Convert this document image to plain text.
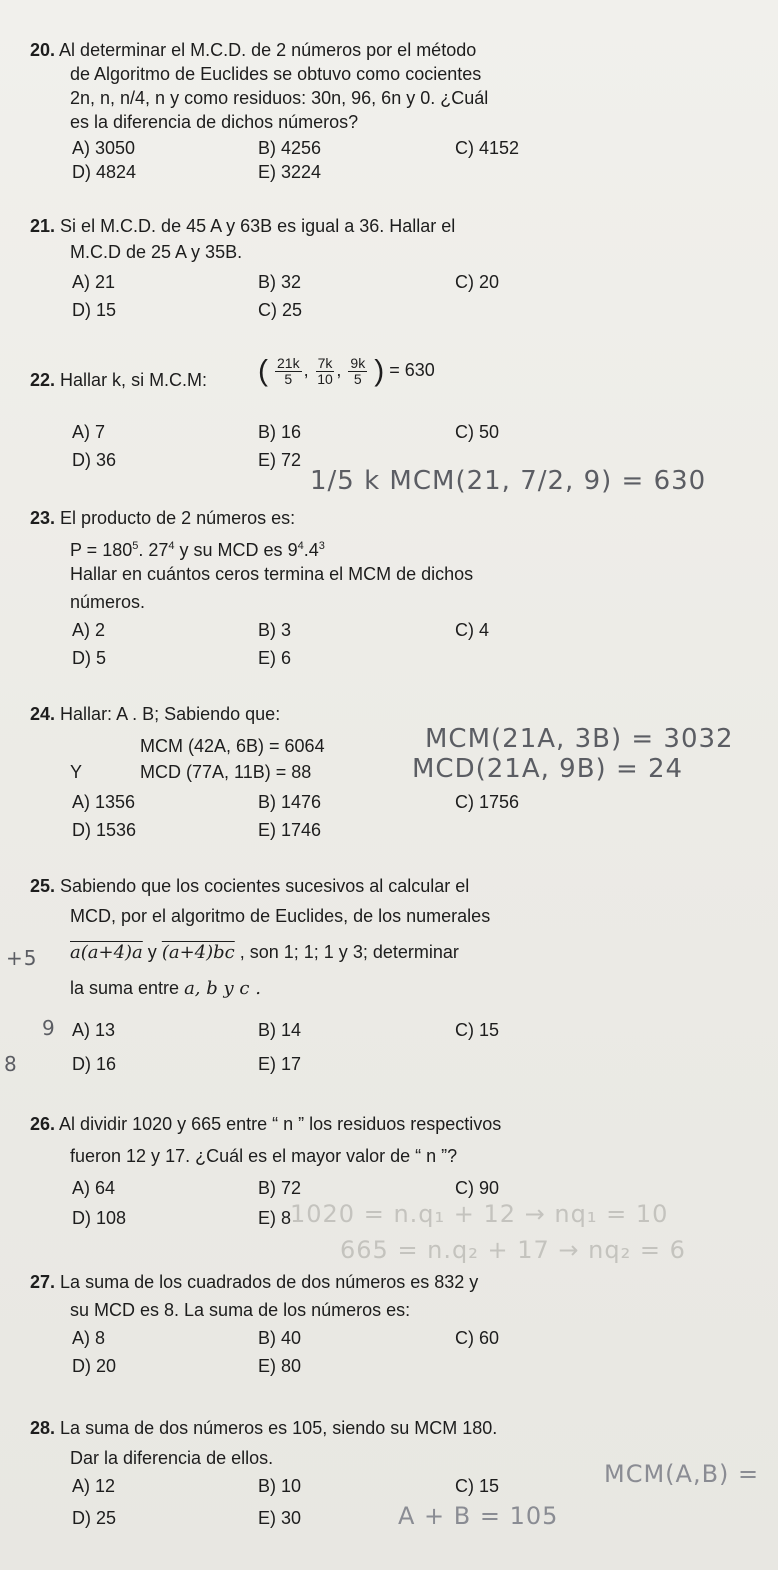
20. Al determinar el M.C.D. de 2 números por el método
de Algoritmo de Euclides se obtuvo como cocientes
2n, n, n/4, n y como residuos: 30n, 96, 6n y 0. ¿Cuál
es la diferencia de dichos números?
A) 3050	B) 4256	C) 4152
D) 4824	E) 3224
21. Si el M.C.D. de 45 A y 63B es igual a 36. Hallar el
M.C.D de 25 A y 35B.
A) 21	B) 32	C) 20
D) 15	C) 25
22. Hallar k, si M.C.M: ( $\frac{21k}{5}$ , $\frac{7k}{10}$ , $\frac{9k}{5}$ ) = 630
A) 7	B) 16	C) 50
D) 36	E) 72
1/5 k MCM(21, 7/2, 9) = 630
23. El producto de 2 números es:
$P = 180^5$. $27^4$ y su MCD es $9^4.4^3$
Hallar en cuántos ceros termina el MCM de dichos
números.
A) 2	B) 3	C) 4
D) 5	E) 6
24. Hallar: A . B; Sabiendo que:
MCM (42A, 6B) = 6064
Y	MCD (77A, 11B) = 88
MCM(21A, 3B) = 3032
MCD(21A, 9B) = 24
A) 1356	B) 1476	C) 1756
D) 1536	E) 1746
25. Sabiendo que los cocientes sucesivos al calcular el
MCD, por el algoritmo de Euclides, de los numerales
a(a+4)a y (a+4)bc , son 1; 1; 1 y 3; determinar
la suma entre a, b y c .
+5
9
8
A) 13	B) 14	C) 15
D) 16	E) 17
26. Al dividir 1020 y 665 entre “ n ” los residuos respectivos
fueron 12 y 17. ¿Cuál es el mayor valor de “ n ”?
A) 64	B) 72	C) 90
D) 108	E) 8
1020 = n.q₁ + 12 → nq₁ = 10
665 = n.q₂ + 17 → nq₂ = 6
27. La suma de los cuadrados de dos números es 832 y
su MCD es 8. La suma de los números es:
A) 8	B) 40	C) 60
D) 20	E) 80
28. La suma de dos números es 105, siendo su MCM 180.
Dar la diferencia de ellos.
A) 12	B) 10	C) 15
D) 25	E) 30
MCM(A,B) =
A + B = 105
